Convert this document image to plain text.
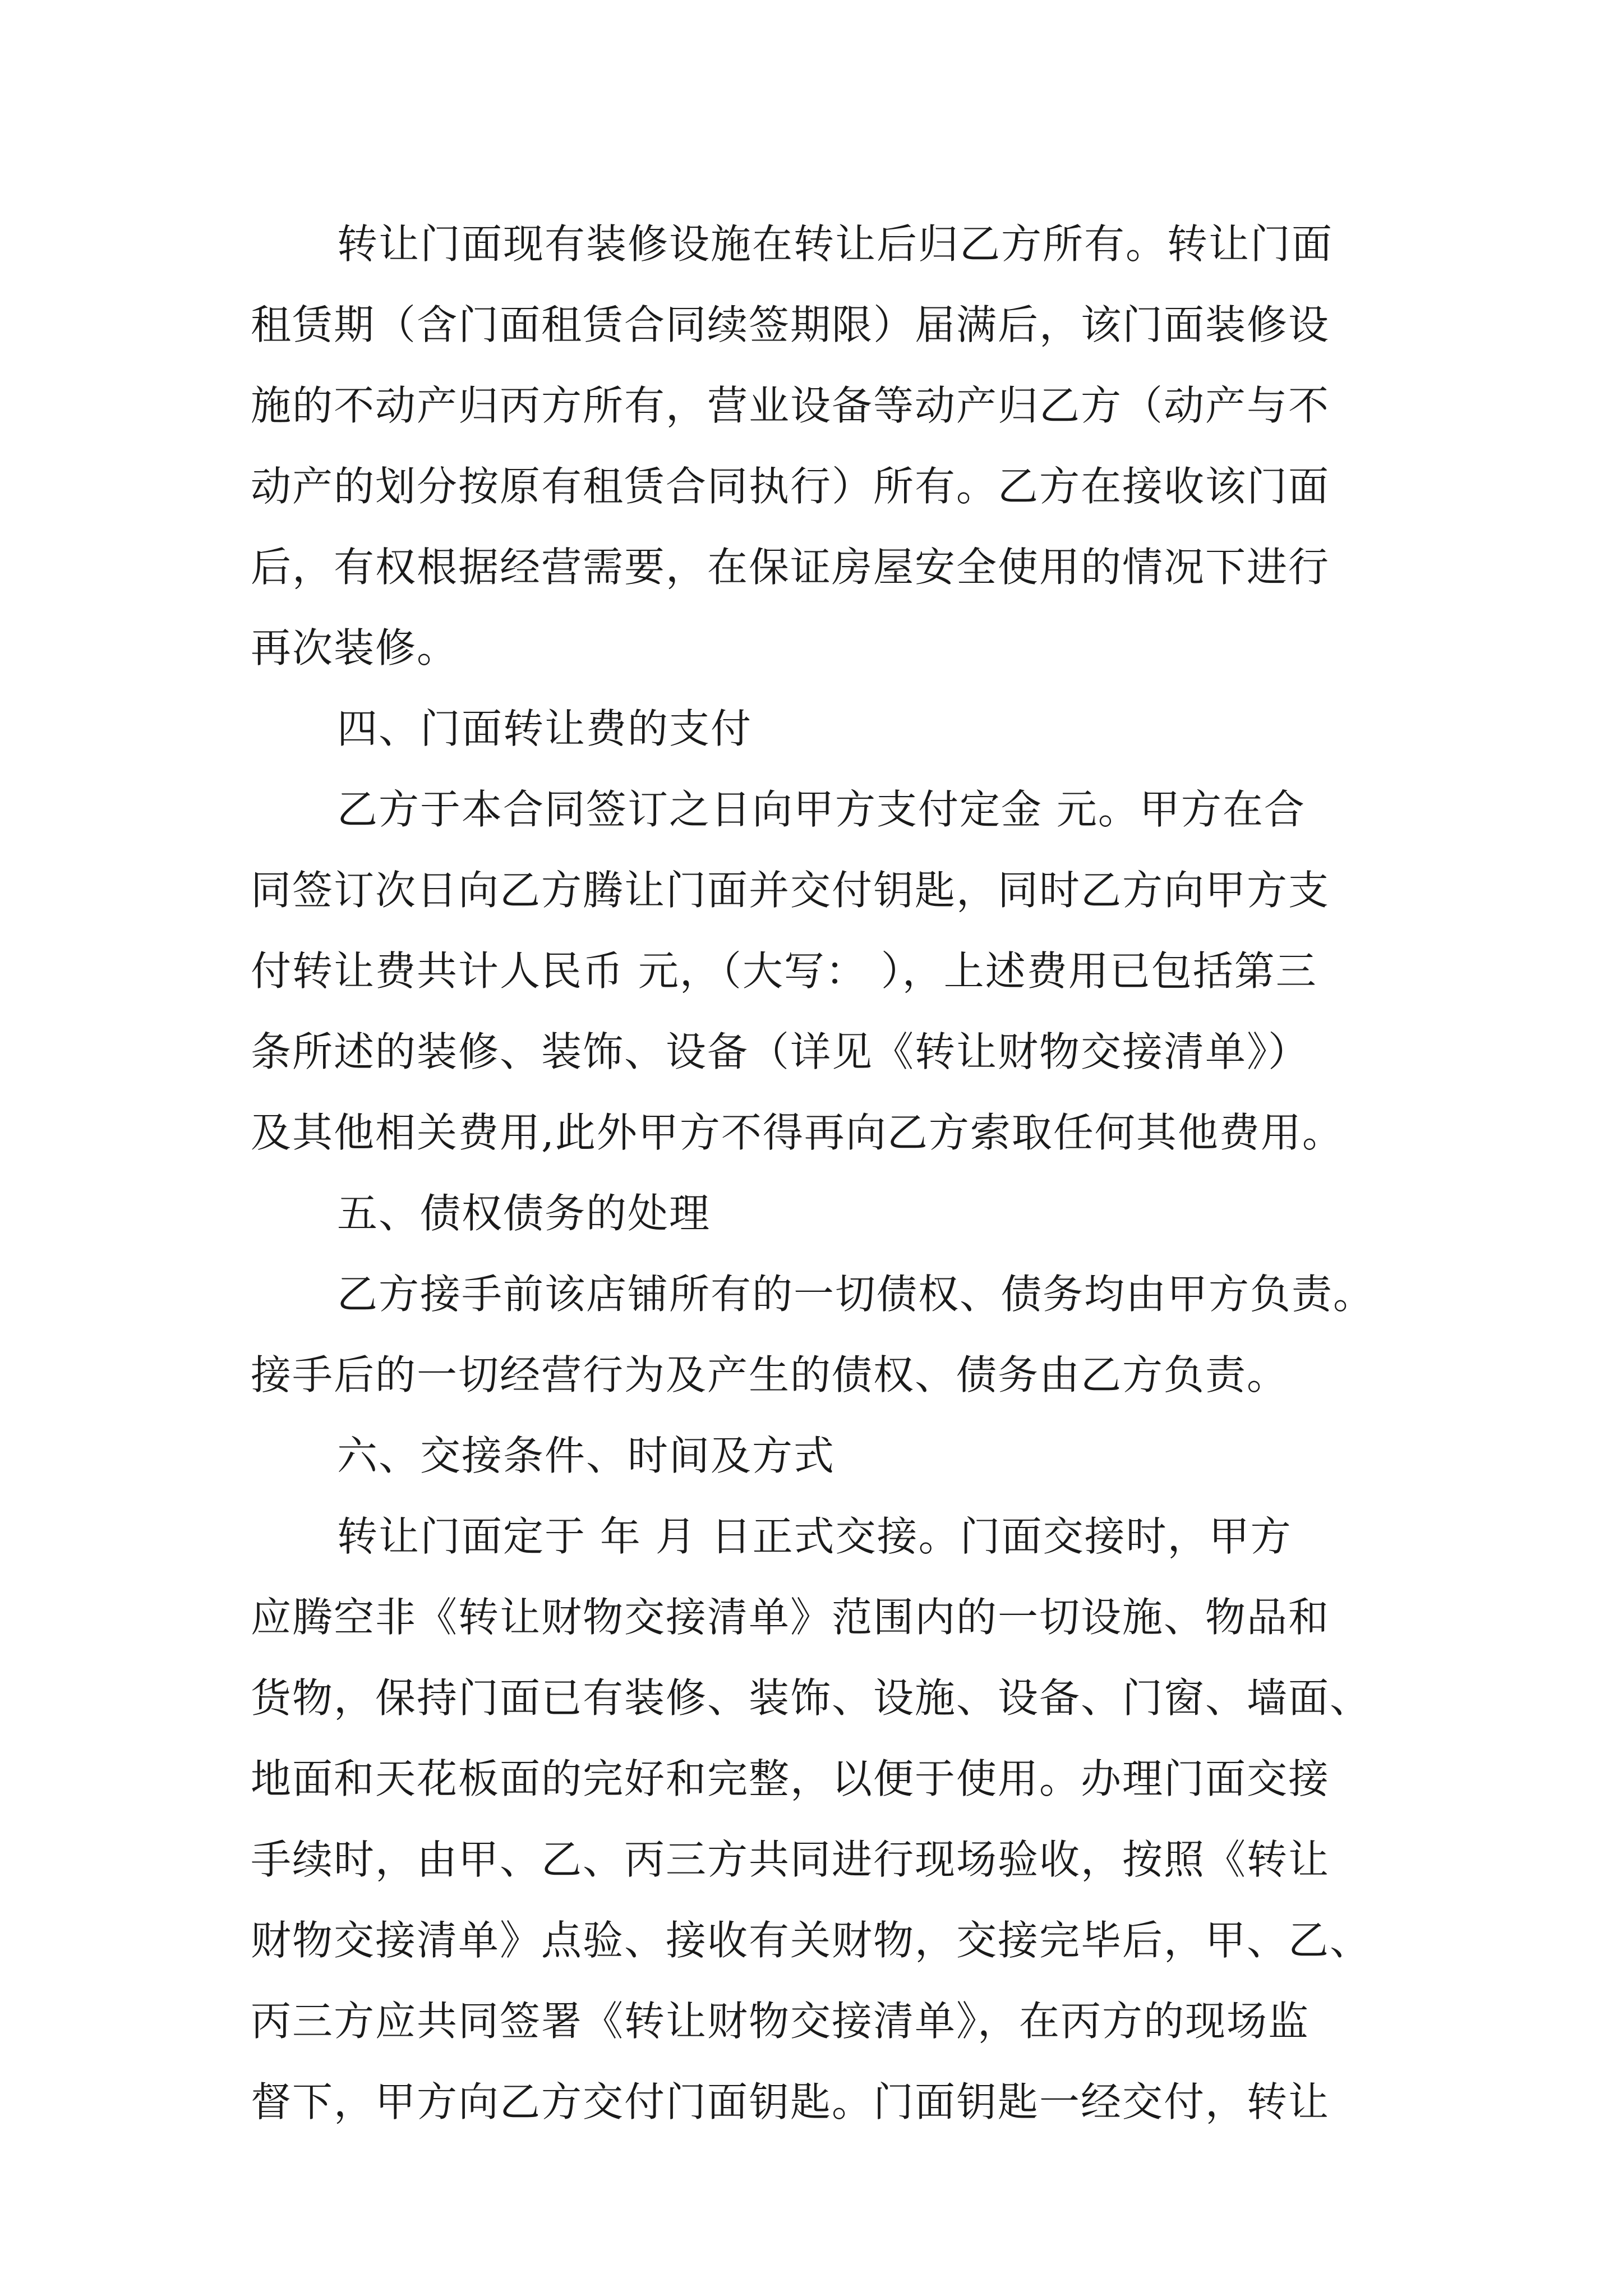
转让门面现有装修设施在转让后归乙方所有。转让门面
租赁期（含门面租赁合同续签期限）届满后，该门面装修设
施的不动产归丙方所有，营业设备等动产归乙方（动产与不
动产的划分按原有租赁合同执行）所有。乙方在接收该门面
后，有权根据经营需要，在保证房屋安全使用的情况下进行
再次装修。
四、门面转让费的支付
乙方于本合同签订之日向甲方支付定金 元。甲方在合
同签订次日向乙方腾让门面并交付钥匙，同时乙方向甲方支
付转让费共计人民币 元，（大写： ），上述费用已包括第三
条所述的装修、装饰、设备（详见《转让财物交接清单》）
及其他相关费用,此外甲方不得再向乙方索取任何其他费用。
五、债权债务的处理
乙方接手前该店铺所有的一切债权、债务均由甲方负责。
接手后的一切经营行为及产生的债权、债务由乙方负责。
六、交接条件、时间及方式
转让门面定于 年 月 日正式交接。门面交接时，甲方
应腾空非《转让财物交接清单》范围内的一切设施、物品和
货物，保持门面已有装修、装饰、设施、设备、门窗、墙面、
地面和天花板面的完好和完整，以便于使用。办理门面交接
手续时，由甲、乙、丙三方共同进行现场验收，按照《转让
财物交接清单》点验、接收有关财物，交接完毕后，甲、乙、
丙三方应共同签署《转让财物交接清单》，在丙方的现场监
督下，甲方向乙方交付门面钥匙。门面钥匙一经交付，转让
